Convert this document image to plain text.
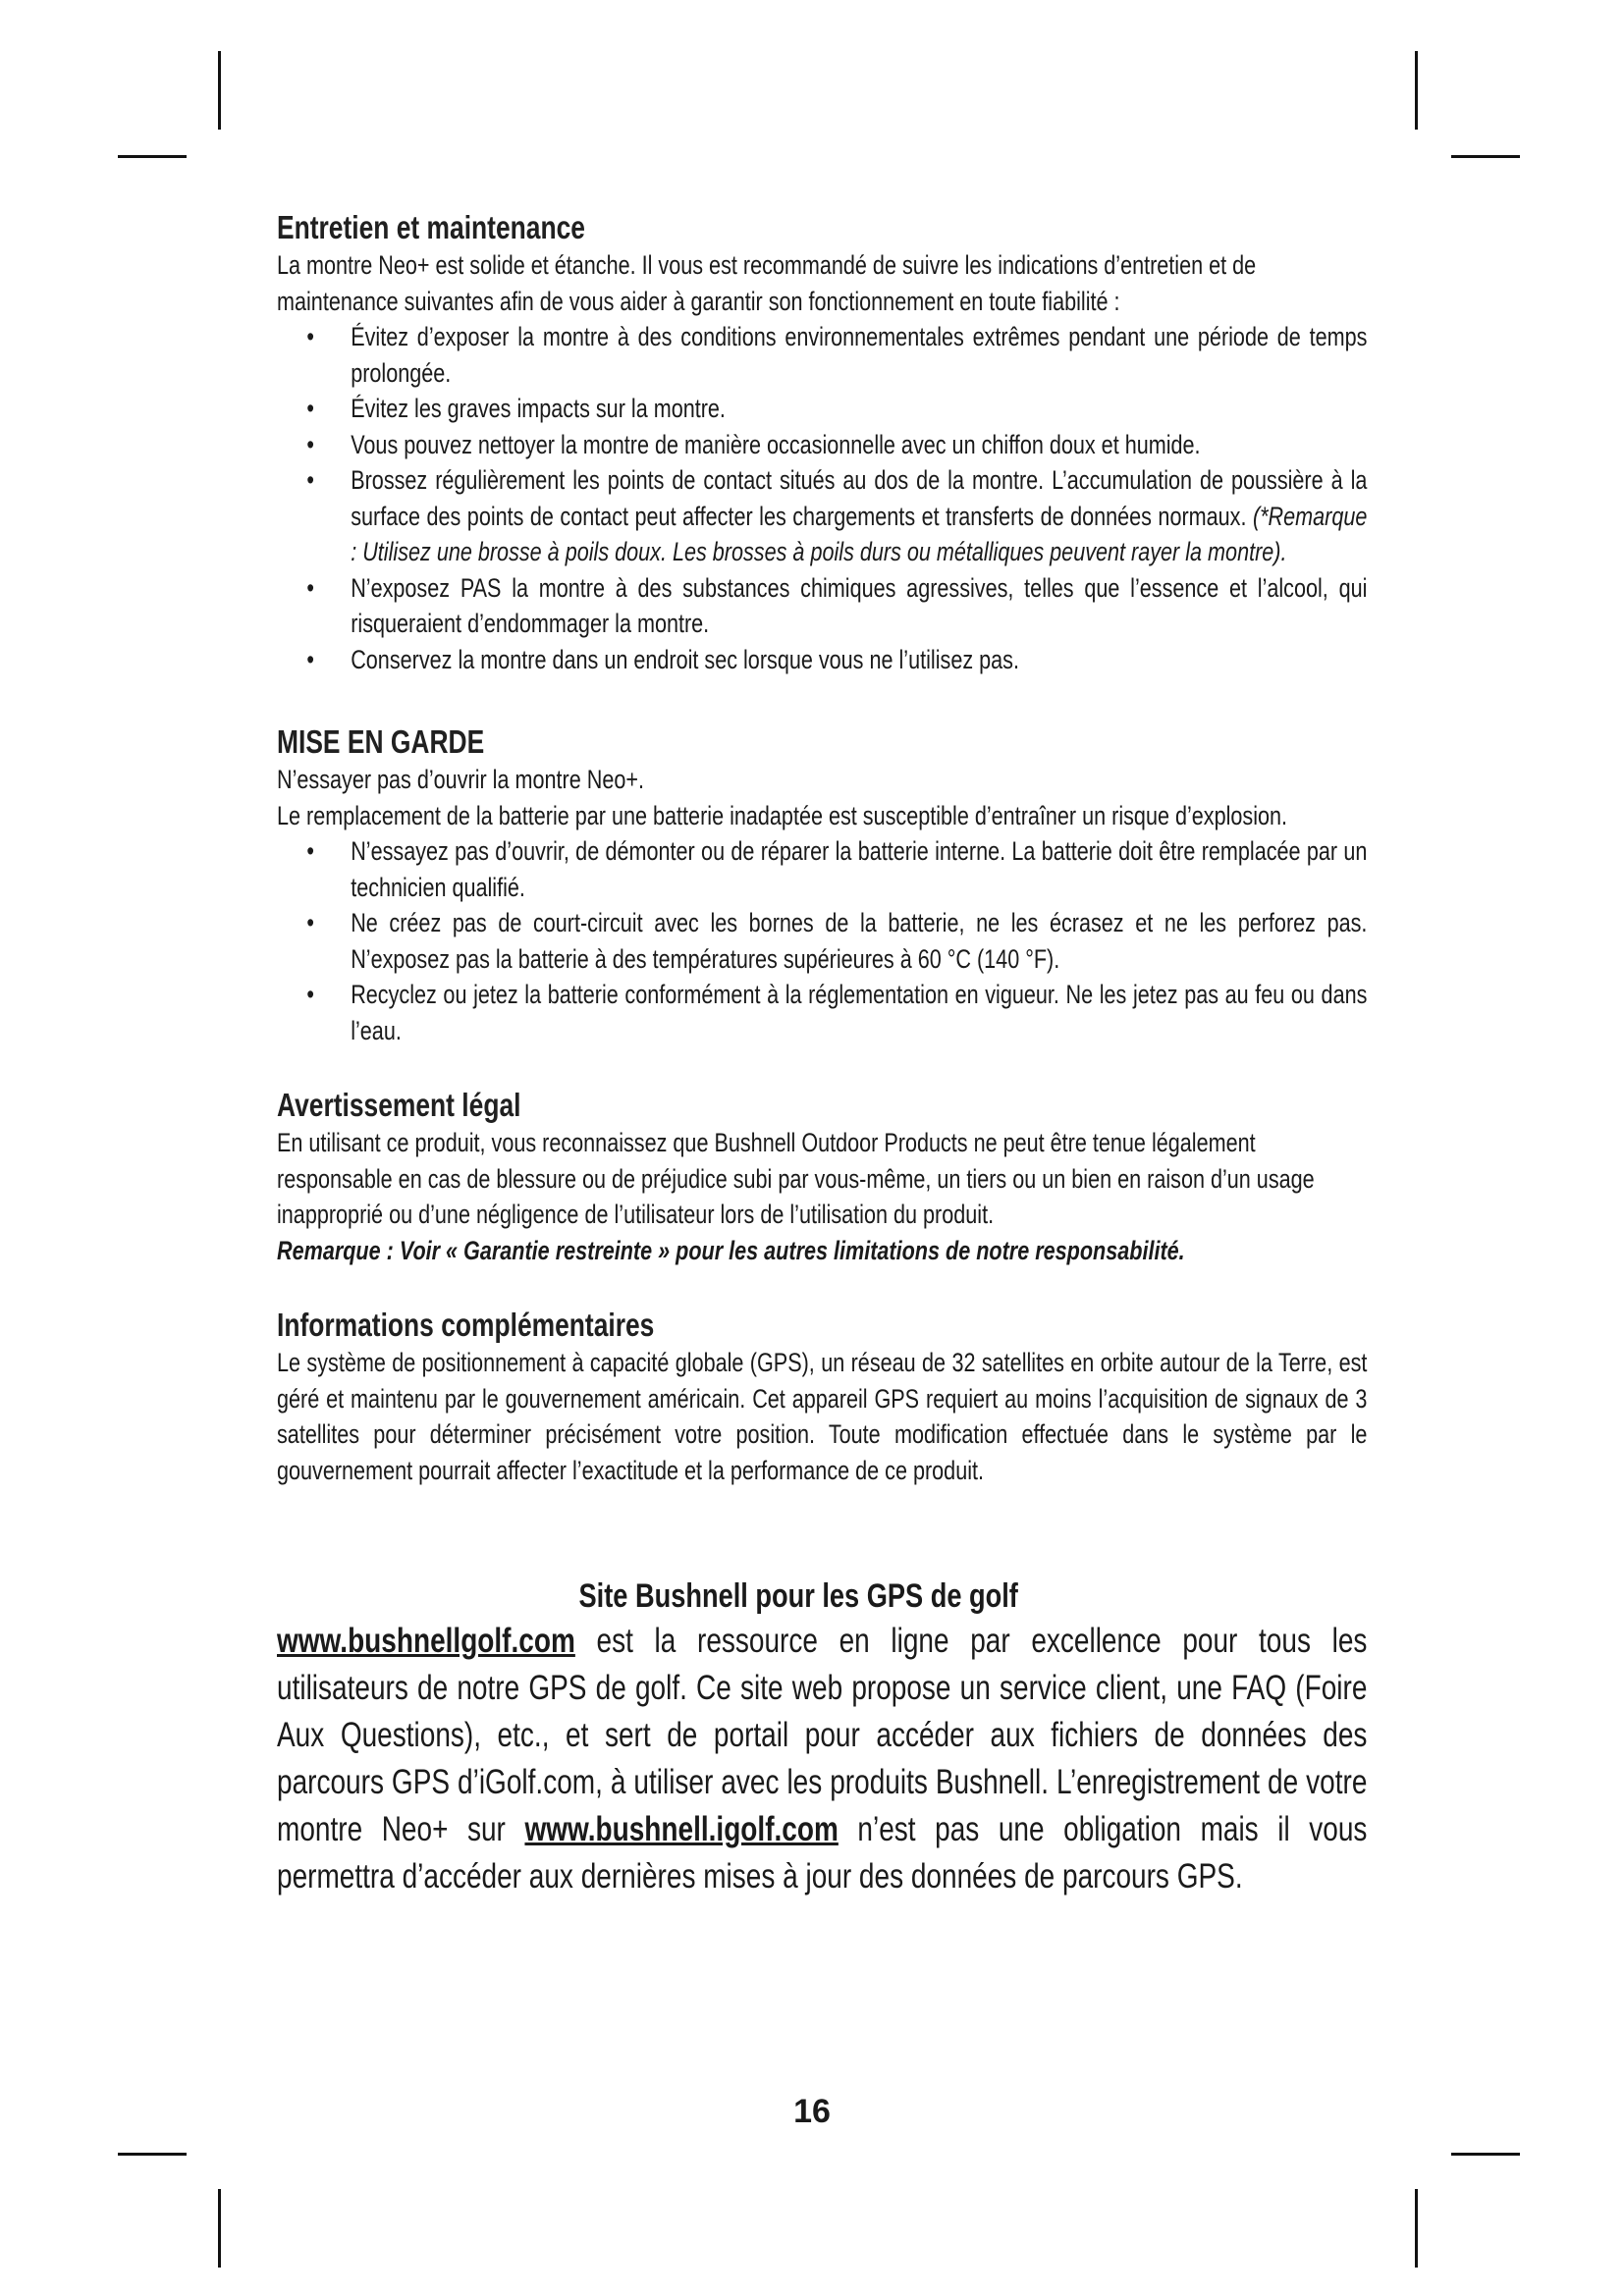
Entretien et maintenance

La montre Neo+ est solide et étanche. Il vous est recommandé de suivre les indications d’entretien et de maintenance suivantes afin de vous aider à garantir son fonctionnement en toute fiabilité :

• Évitez d’exposer la montre à des conditions environnementales extrêmes pendant une période de temps prolongée.
• Évitez les graves impacts sur la montre.
• Vous pouvez nettoyer la montre de manière occasionnelle avec un chiffon doux et humide.
• Brossez régulièrement les points de contact situés au dos de la montre. L’accumulation de poussière à la surface des points de contact peut affecter les chargements et transferts de données normaux. (*Remarque : Utilisez une brosse à poils doux. Les brosses à poils durs ou métalliques peuvent rayer la montre).
• N’exposez PAS la montre à des substances chimiques agressives, telles que l’essence et l’alcool, qui risqueraient d’endommager la montre.
• Conservez la montre dans un endroit sec lorsque vous ne l’utilisez pas.
MISE EN GARDE

N’essayer pas d’ouvrir la montre Neo+.

Le remplacement de la batterie par une batterie inadaptée est susceptible d’entraîner un risque d’explosion.

• N’essayez pas d’ouvrir, de démonter ou de réparer la batterie interne. La batterie doit être remplacée par un technicien qualifié.
• Ne créez pas de court-circuit avec les bornes de la batterie, ne les écrasez et ne les perforez pas. N’exposez pas la batterie à des températures supérieures à 60 °C (140 °F).
• Recyclez ou jetez la batterie conformément à la réglementation en vigueur. Ne les jetez pas au feu ou dans l’eau.
Avertissement légal

En utilisant ce produit, vous reconnaissez que Bushnell Outdoor Products ne peut être tenue légalement responsable en cas de blessure ou de préjudice subi par vous-même, un tiers ou un bien en raison d’un usage inapproprié ou d’une négligence de l’utilisateur lors de l’utilisation du produit.

Remarque : Voir « Garantie restreinte » pour les autres limitations de notre responsabilité.

Informations complémentaires

Le système de positionnement à capacité globale (GPS), un réseau de 32 satellites en orbite autour de la Terre, est géré et maintenu par le gouvernement américain. Cet appareil GPS requiert au moins l’acquisition de signaux de 3 satellites pour déterminer précisément votre position. Toute modification effectuée dans le système par le gouvernement pourrait affecter l’exactitude et la performance de ce produit.

Site Bushnell pour les GPS de golf

www.bushnellgolf.com est la ressource en ligne par excellence pour tous les utilisateurs de notre GPS de golf. Ce site web propose un service client, une FAQ (Foire Aux Questions), etc., et sert de portail pour accéder aux fichiers de données des parcours GPS d’iGolf.com, à utiliser avec les produits Bushnell. L’enregistrement de votre montre Neo+ sur www.bushnell.igolf.com n’est pas une obligation mais il vous permettra d’accéder aux dernières mises à jour des données de parcours GPS.

16
